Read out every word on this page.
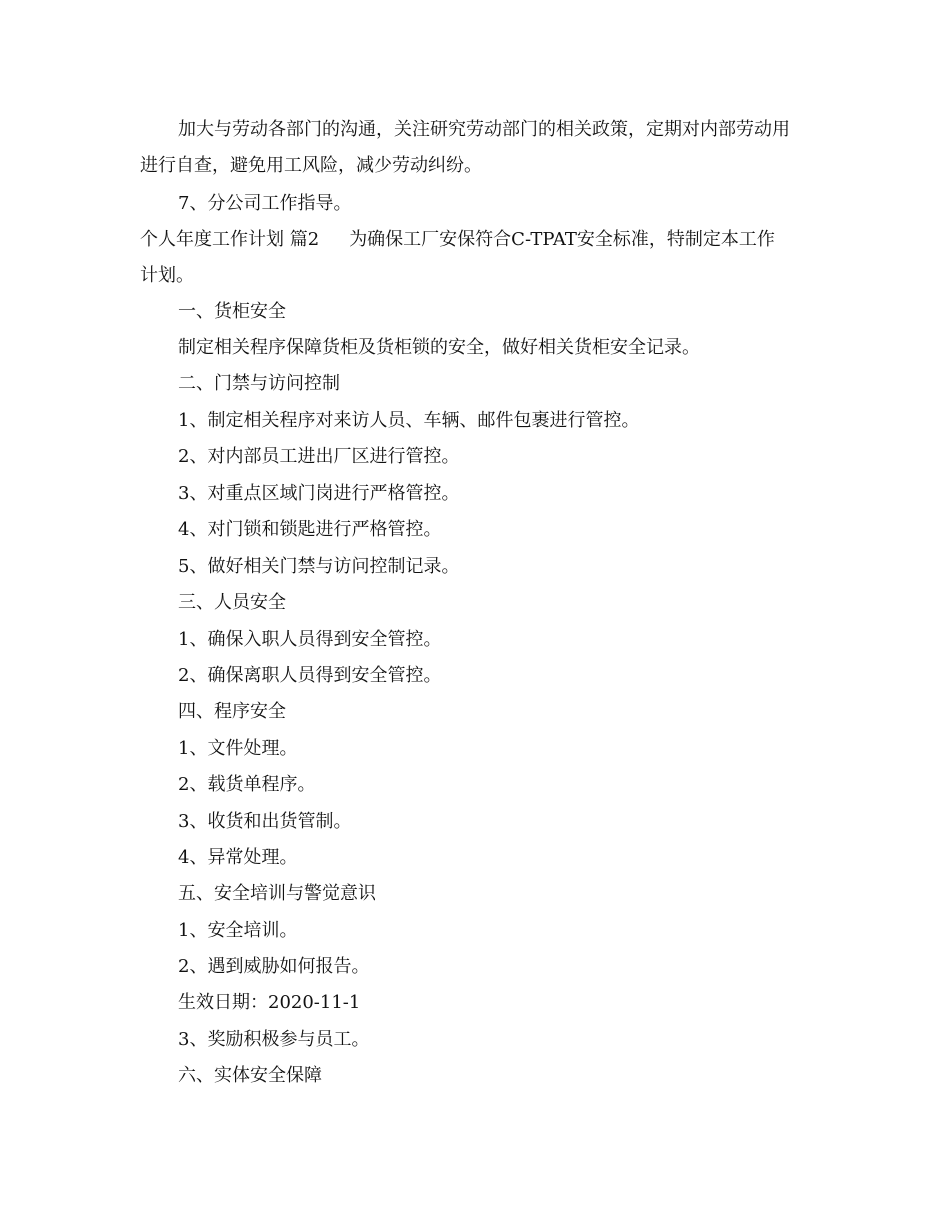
加大与劳动各部门的沟通，关注研究劳动部门的相关政策，定期对内部劳动用
进行自查，避免用工风险，减少劳动纠纷。
7、分公司工作指导。
个人年度工作计划 篇2 为确保工厂安保符合C-TPAT安全标准，特制定本工作
计划。
一、货柜安全
制定相关程序保障货柜及货柜锁的安全，做好相关货柜安全记录。
二、门禁与访问控制
1、制定相关程序对来访人员、车辆、邮件包裹进行管控。
2、对内部员工进出厂区进行管控。
3、对重点区域门岗进行严格管控。
4、对门锁和锁匙进行严格管控。
5、做好相关门禁与访问控制记录。
三、人员安全
1、确保入职人员得到安全管控。
2、确保离职人员得到安全管控。
四、程序安全
1、文件处理。
2、载货单程序。
3、收货和出货管制。
4、异常处理。
五、安全培训与警觉意识
1、安全培训。
2、遇到威胁如何报告。
生效日期：2020-11-1
3、奖励积极参与员工。
六、实体安全保障
